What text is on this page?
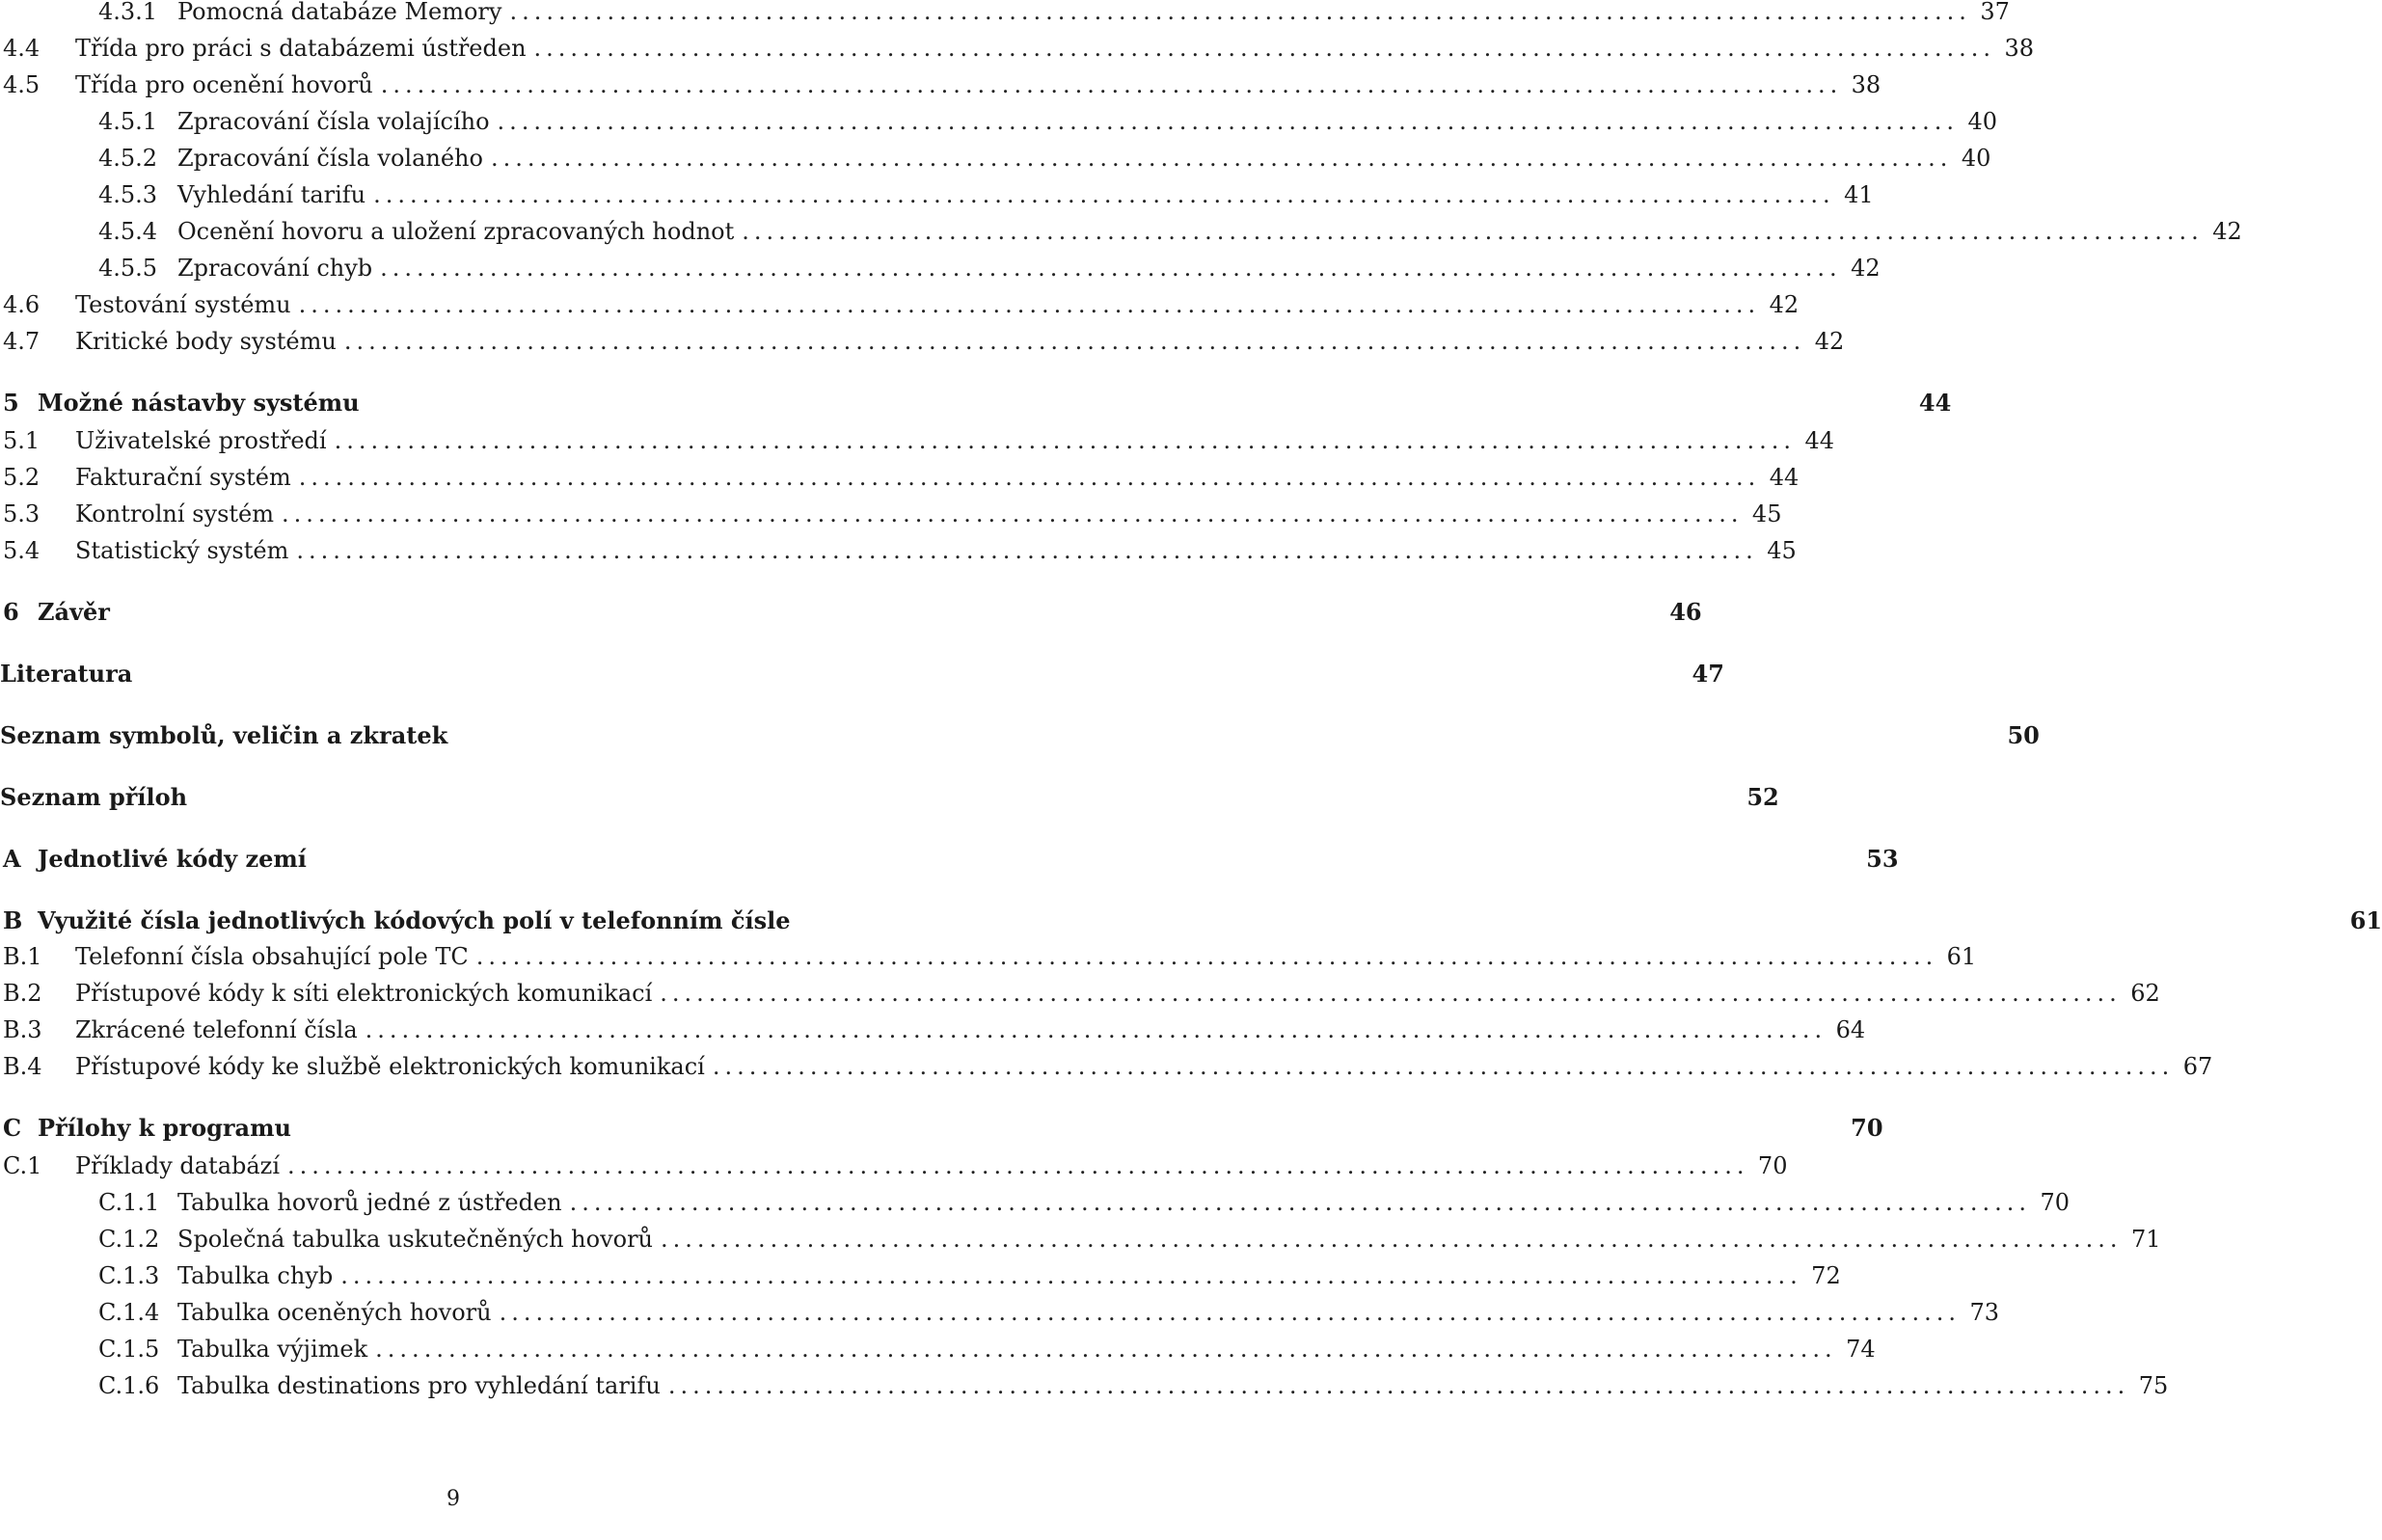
4.3.1 Pomocná databáze Memory ........................................................................................................................ 37
4.4	Třída pro práci s databázemi ústředen ........................................................................................................................ 38
4.5	Třída pro ocenění hovorů ........................................................................................................................ 38
4.5.1 Zpracování čísla volajícího ........................................................................................................................ 40
4.5.2 Zpracování čísla volaného ........................................................................................................................ 40
4.5.3 Vyhledání tarifu ........................................................................................................................ 41
4.5.4 Ocenění hovoru a uložení zpracovaných hodnot ........................................................................................................................ 42
4.5.5 Zpracování chyb ........................................................................................................................ 42
4.6	Testování systému ........................................................................................................................ 42
4.7	Kritické body systému ........................................................................................................................ 42
5 Možné nástavby systému	44
5.1	Uživatelské prostředí ........................................................................................................................ 44
5.2	Fakturační systém ........................................................................................................................ 44
5.3	Kontrolní systém ........................................................................................................................ 45
5.4	Statistický systém ........................................................................................................................ 45
6 Závěr	46
Literatura	47
Seznam symbolů, veličin a zkratek	50
Seznam příloh	52
A Jednotlivé kódy zemí	53
B Využité čísla jednotlivých kódových polí v telefonním čísle	61
B.1	Telefonní čísla obsahující pole TC ........................................................................................................................ 61
B.2	Přístupové kódy k síti elektronických komunikací ........................................................................................................................ 62
B.3	Zkrácené telefonní čísla ........................................................................................................................ 64
B.4	Přístupové kódy ke službě elektronických komunikací ........................................................................................................................ 67
C Přílohy k programu	70
C.1	Příklady databází ........................................................................................................................ 70
C.1.1 Tabulka hovorů jedné z ústředen ........................................................................................................................ 70
C.1.2 Společná tabulka uskutečněných hovorů ........................................................................................................................ 71
C.1.3 Tabulka chyb ........................................................................................................................ 72
C.1.4 Tabulka oceněných hovorů ........................................................................................................................ 73
C.1.5 Tabulka výjimek ........................................................................................................................ 74
C.1.6 Tabulka destinations pro vyhledání tarifu ........................................................................................................................ 75
9
